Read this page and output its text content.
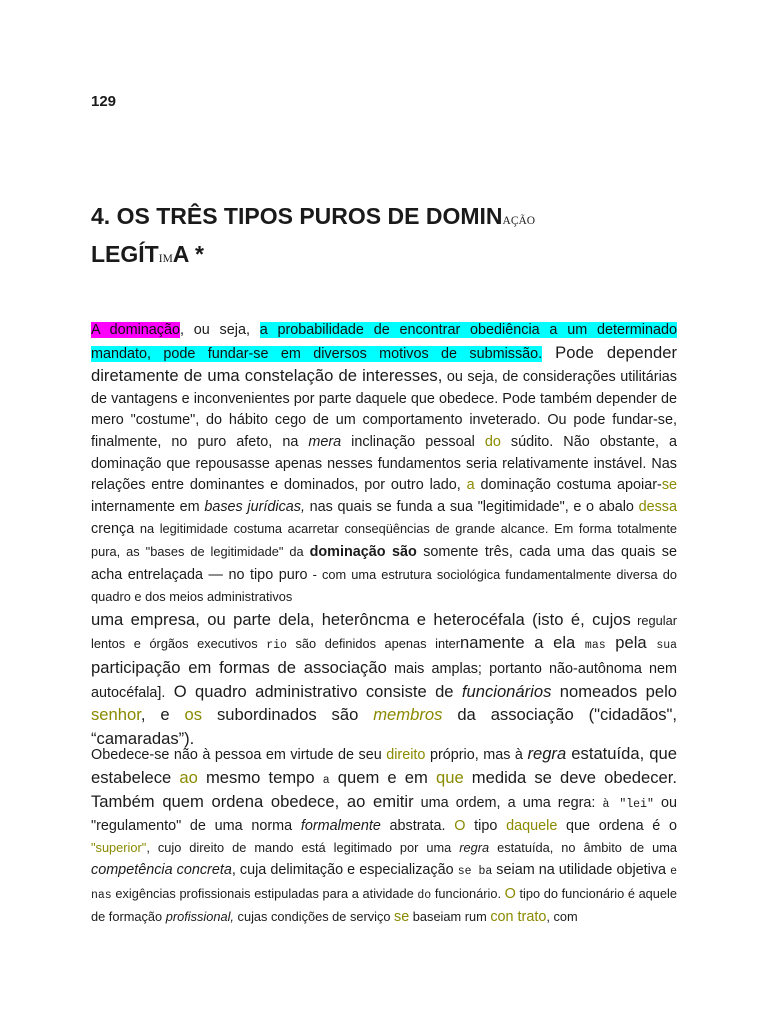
129
4. OS TRÊS TIPOS PUROS DE DOMINAÇÃO
LEGÍTIMA *

A dominação, ou seja, a probabilidade de encontrar obediência a um determinado mandato, pode fundar-se em diversos motivos de submissão. Pode depender diretamente de uma constelação de interesses, ou seja, de considerações utilitárias de vantagens e inconvenientes por parte daquele que obedece. Pode também depender de mero "costume", do hábito cego de um comportamento inveterado. Ou pode fundar-se, finalmente, no puro afeto, na mera inclinação pessoal do súdito. Não obstante, a dominação que repousasse apenas nesses fundamentos seria relativamente instável. Nas relações entre dominantes e dominados, por outro lado, a dominação costuma apoiar-se internamente em bases jurídicas, nas quais se funda a sua "legitimidade", e o abalo dessa crença na legitimidade costuma acarretar conseqüências de grande alcance. Em forma totalmente pura, as "bases de legitimidade" da dominação são somente três, cada uma das quais se acha entrelaçada — no tipo puro - com uma estrutura sociológica fundamentalmente diversa do quadro e dos meios administrativos

uma empresa, ou parte dela, heterôncma e heterocéfala (isto é, cujos regular lentos e órgãos executivos rio são definidos apenas internamente a ela mas pela sua participação em formas de associação mais amplas; portanto não-autônoma nem autocéfala]. O quadro administrativo consiste de funcionários nomeados pelo senhor, e os subordinados são membros da associação ("cidadãos", “camaradas”).

Obedece-se não à pessoa em virtude de seu direito próprio, mas à regra estatuída, que estabelece ao mesmo tempo a quem e em que medida se deve obedecer. Também quem ordena obedece, ao emitir uma ordem, a uma regra: à "lei" ou "regulamento" de uma norma formalmente abstrata. O tipo daquele que ordena é o "superior", cujo direito de mando está legitimado por uma regra estatuída, no âmbito de uma competência concreta, cuja delimitação e especialização se ba seiam na utilidade objetiva e nas exigências profissionais estipuladas para a atividade do funcionário. O tipo do funcionário é aquele de formação profissional, cujas condições de serviço se baseiam rum con trato, com
